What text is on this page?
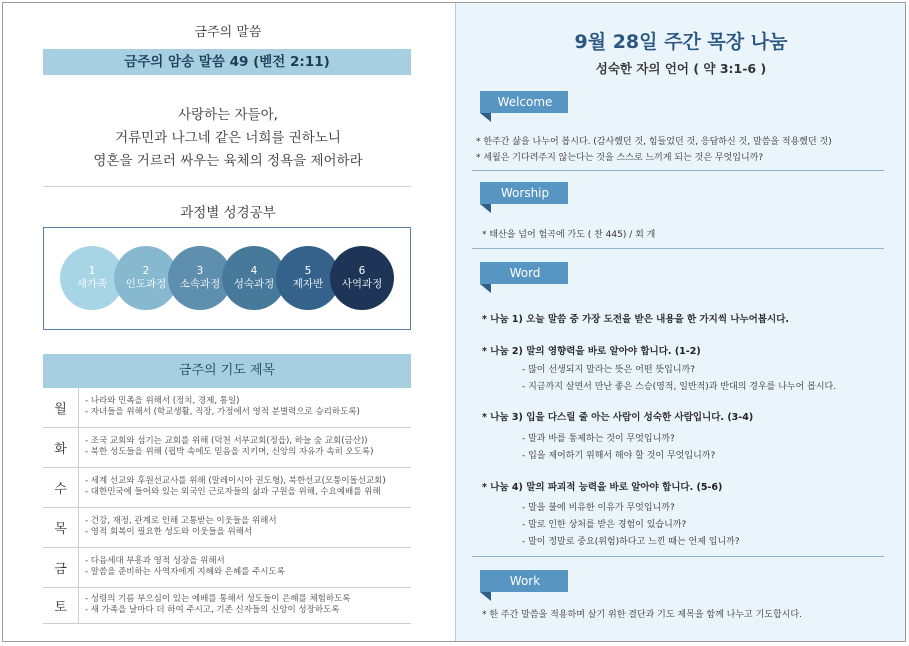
금주의 말씀
금주의 암송 말씀 49 (벧전 2:11)
사랑하는 자들아,
거류민과 나그네 같은 너희를 권하노니
영혼을 거르러 싸우는 육체의 정욕을 제어하라
과정별 성경공부
1
새가족
2
인도과정
3
소속과정
4
성숙과정
5
제자반
6
사역과정
금주의 기도 제목
월
- 나라와 민족을 위해서 (정치, 경제, 통일)
- 자녀들을 위해서 (학교생활, 직장, 가정에서 영적 분별력으로 승리하도록)
화
- 조국 교회와 섬기는 교회를 위해 (덕천 서부교회(정읍), 하늘 숲 교회(금산))
- 북한 성도들을 위해 (핍박 속에도 믿음을 지키며, 신앙의 자유가 속히 오도록)
수
- 세계 선교와 후원선교사를 위해 (말레이시아 권도형), 북한선교(모퉁이돌선교회)
- 대한민국에 들어와 있는 외국인 근로자들의 삶과 구원을 위해, 수요예배를 위해
목
- 건강, 재정, 관계로 인해 고통받는 이웃들을 위해서
- 영적 회복이 필요한 성도와 이웃들을 위해서
금
- 다음세대 부흥과 영적 성장을 위해서
- 말씀을 준비하는 사역자에게 지혜와 은혜를 주시도록
토
- 성령의 기름 부으심이 있는 예배를 통해서 성도들이 은혜를 체험하도록
- 새 가족을 날마다 더 하여 주시고, 기존 신자들의 신앙이 성장하도록
9월 28일 주간 목장 나눔
성숙한 자의 언어 ( 약 3:1-6 )
Welcome
* 한주간 삶을 나누어 봅시다. (감사했던 것, 힘들었던 것, 응답하신 것, 말씀을 적용했던 것)
* 세월은 기다려주지 않는다는 것을 스스로 느끼게 되는 것은 무엇입니까?
Worship
* 태산을 넘어 험곡에 가도 ( 찬 445) / 회 개
Word
* 나눔 1) 오늘 말씀 중 가장 도전을 받은 내용을 한 가지씩 나누어봅시다.
* 나눔 2) 말의 영향력을 바로 알아야 합니다. (1-2)
- 많이 선생되지 말라는 뜻은 어떤 뜻입니까?
- 지금까지 살면서 만난 좋은 스승(영적, 일반적)과 반대의 경우를 나누어 봅시다.
* 나눔 3) 입을 다스릴 줄 아는 사람이 성숙한 사람입니다. (3-4)
- 말과 바를 통제하는 것이 무엇입니까?
- 입을 제어하기 위해서 해야 할 것이 무엇입니까?
* 나눔 4) 말의 파괴적 능력을 바로 알아야 합니다. (5-6)
- 말을 불에 비유한 이유가 무엇입니까?
- 말로 인한 상처를 받은 경험이 있습니까?
- 말이 정말로 중요(위험)하다고 느낀 때는 언제 입니까?
Work
* 한 주간 말씀을 적용하며 살기 위한 결단과 기도 제목을 함께 나누고 기도합시다.
